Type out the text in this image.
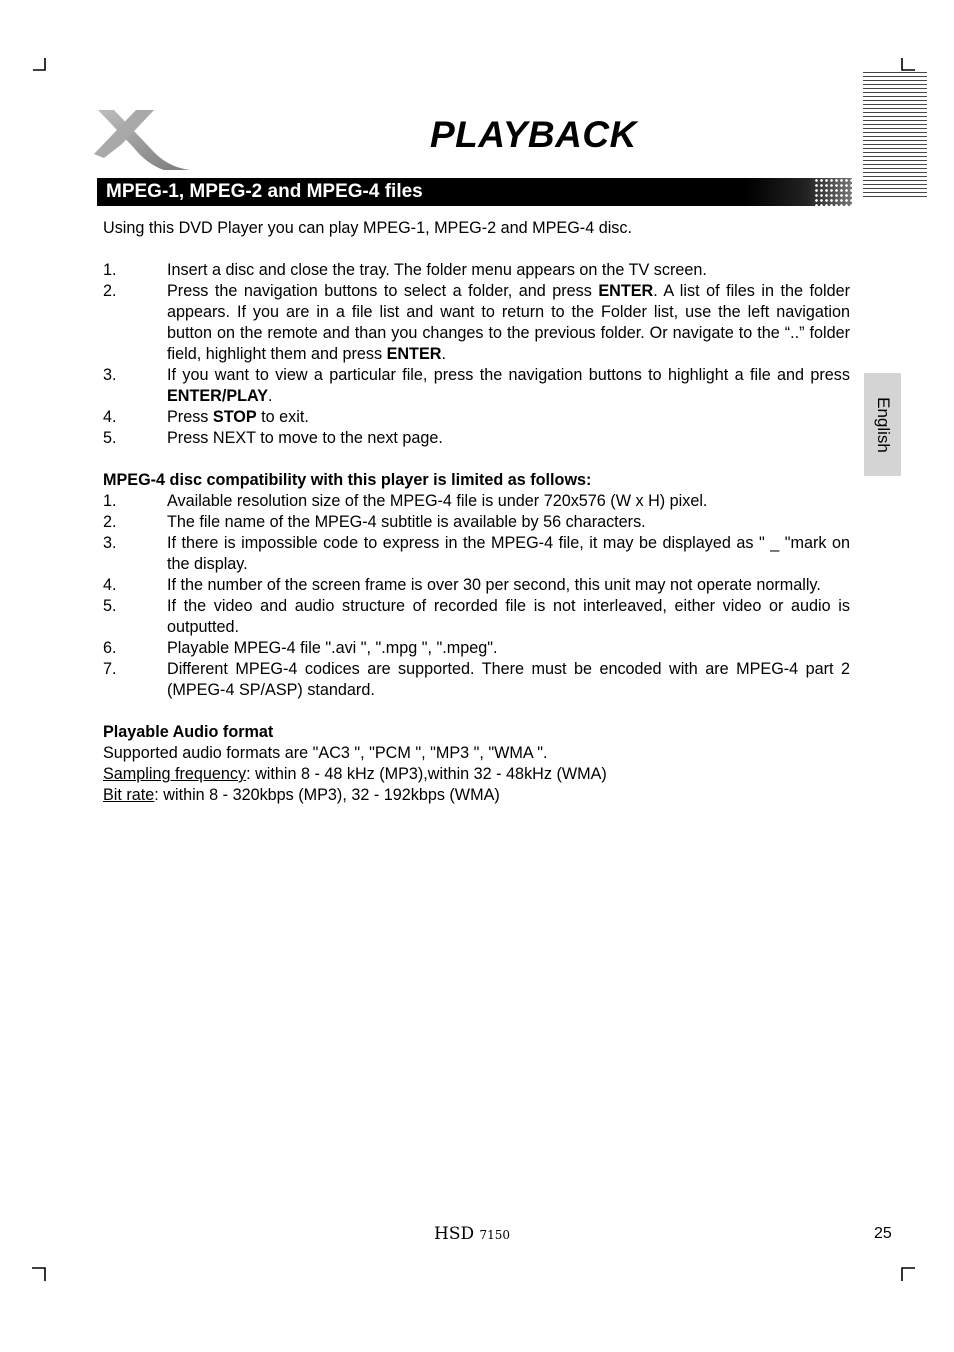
PLAYBACK
MPEG-1, MPEG-2 and MPEG-4 files

Using this DVD Player you can play MPEG-1, MPEG-2 and MPEG-4 disc.

1.	Insert a disc and close the tray. The folder menu appears on the TV screen.
2.	Press the navigation buttons to select a folder, and press ENTER. A list of files in the folder appears. If you are in a file list and want to return to the Folder list, use the left navigation button on the remote and than you changes to the previous folder. Or navigate to the “..” folder field, highlight them and press ENTER.
3.	If you want to view a particular file, press the navigation buttons to highlight a file and press ENTER/PLAY.
4.	Press STOP to exit.
5.	Press NEXT to move to the next page.

MPEG-4 disc compatibility with this player is limited as follows:

1.	Available resolution size of the MPEG-4 file is under 720x576 (W x H) pixel.
2.	The file name of the MPEG-4 subtitle is available by 56 characters.
3.	If there is impossible code to express in the MPEG-4 file, it may be displayed as " _ "mark on the display.
4.	If the number of the screen frame is over 30 per second, this unit may not operate normally.
5.	If the video and audio structure of recorded file is not interleaved, either video or audio is outputted.
6.	Playable MPEG-4 file ".avi ", ".mpg ", ".mpeg".
7.	Different MPEG-4 codices are supported. There must be encoded with are MPEG-4 part 2 (MPEG-4 SP/ASP) standard.

Playable Audio format

Supported audio formats are "AC3 ", "PCM ", "MP3 ", "WMA ".

Sampling frequency: within 8 - 48 kHz (MP3),within 32 - 48kHz (WMA)

Bit rate: within 8 - 320kbps (MP3), 32 - 192kbps (WMA)

English
HSD 7150	25
